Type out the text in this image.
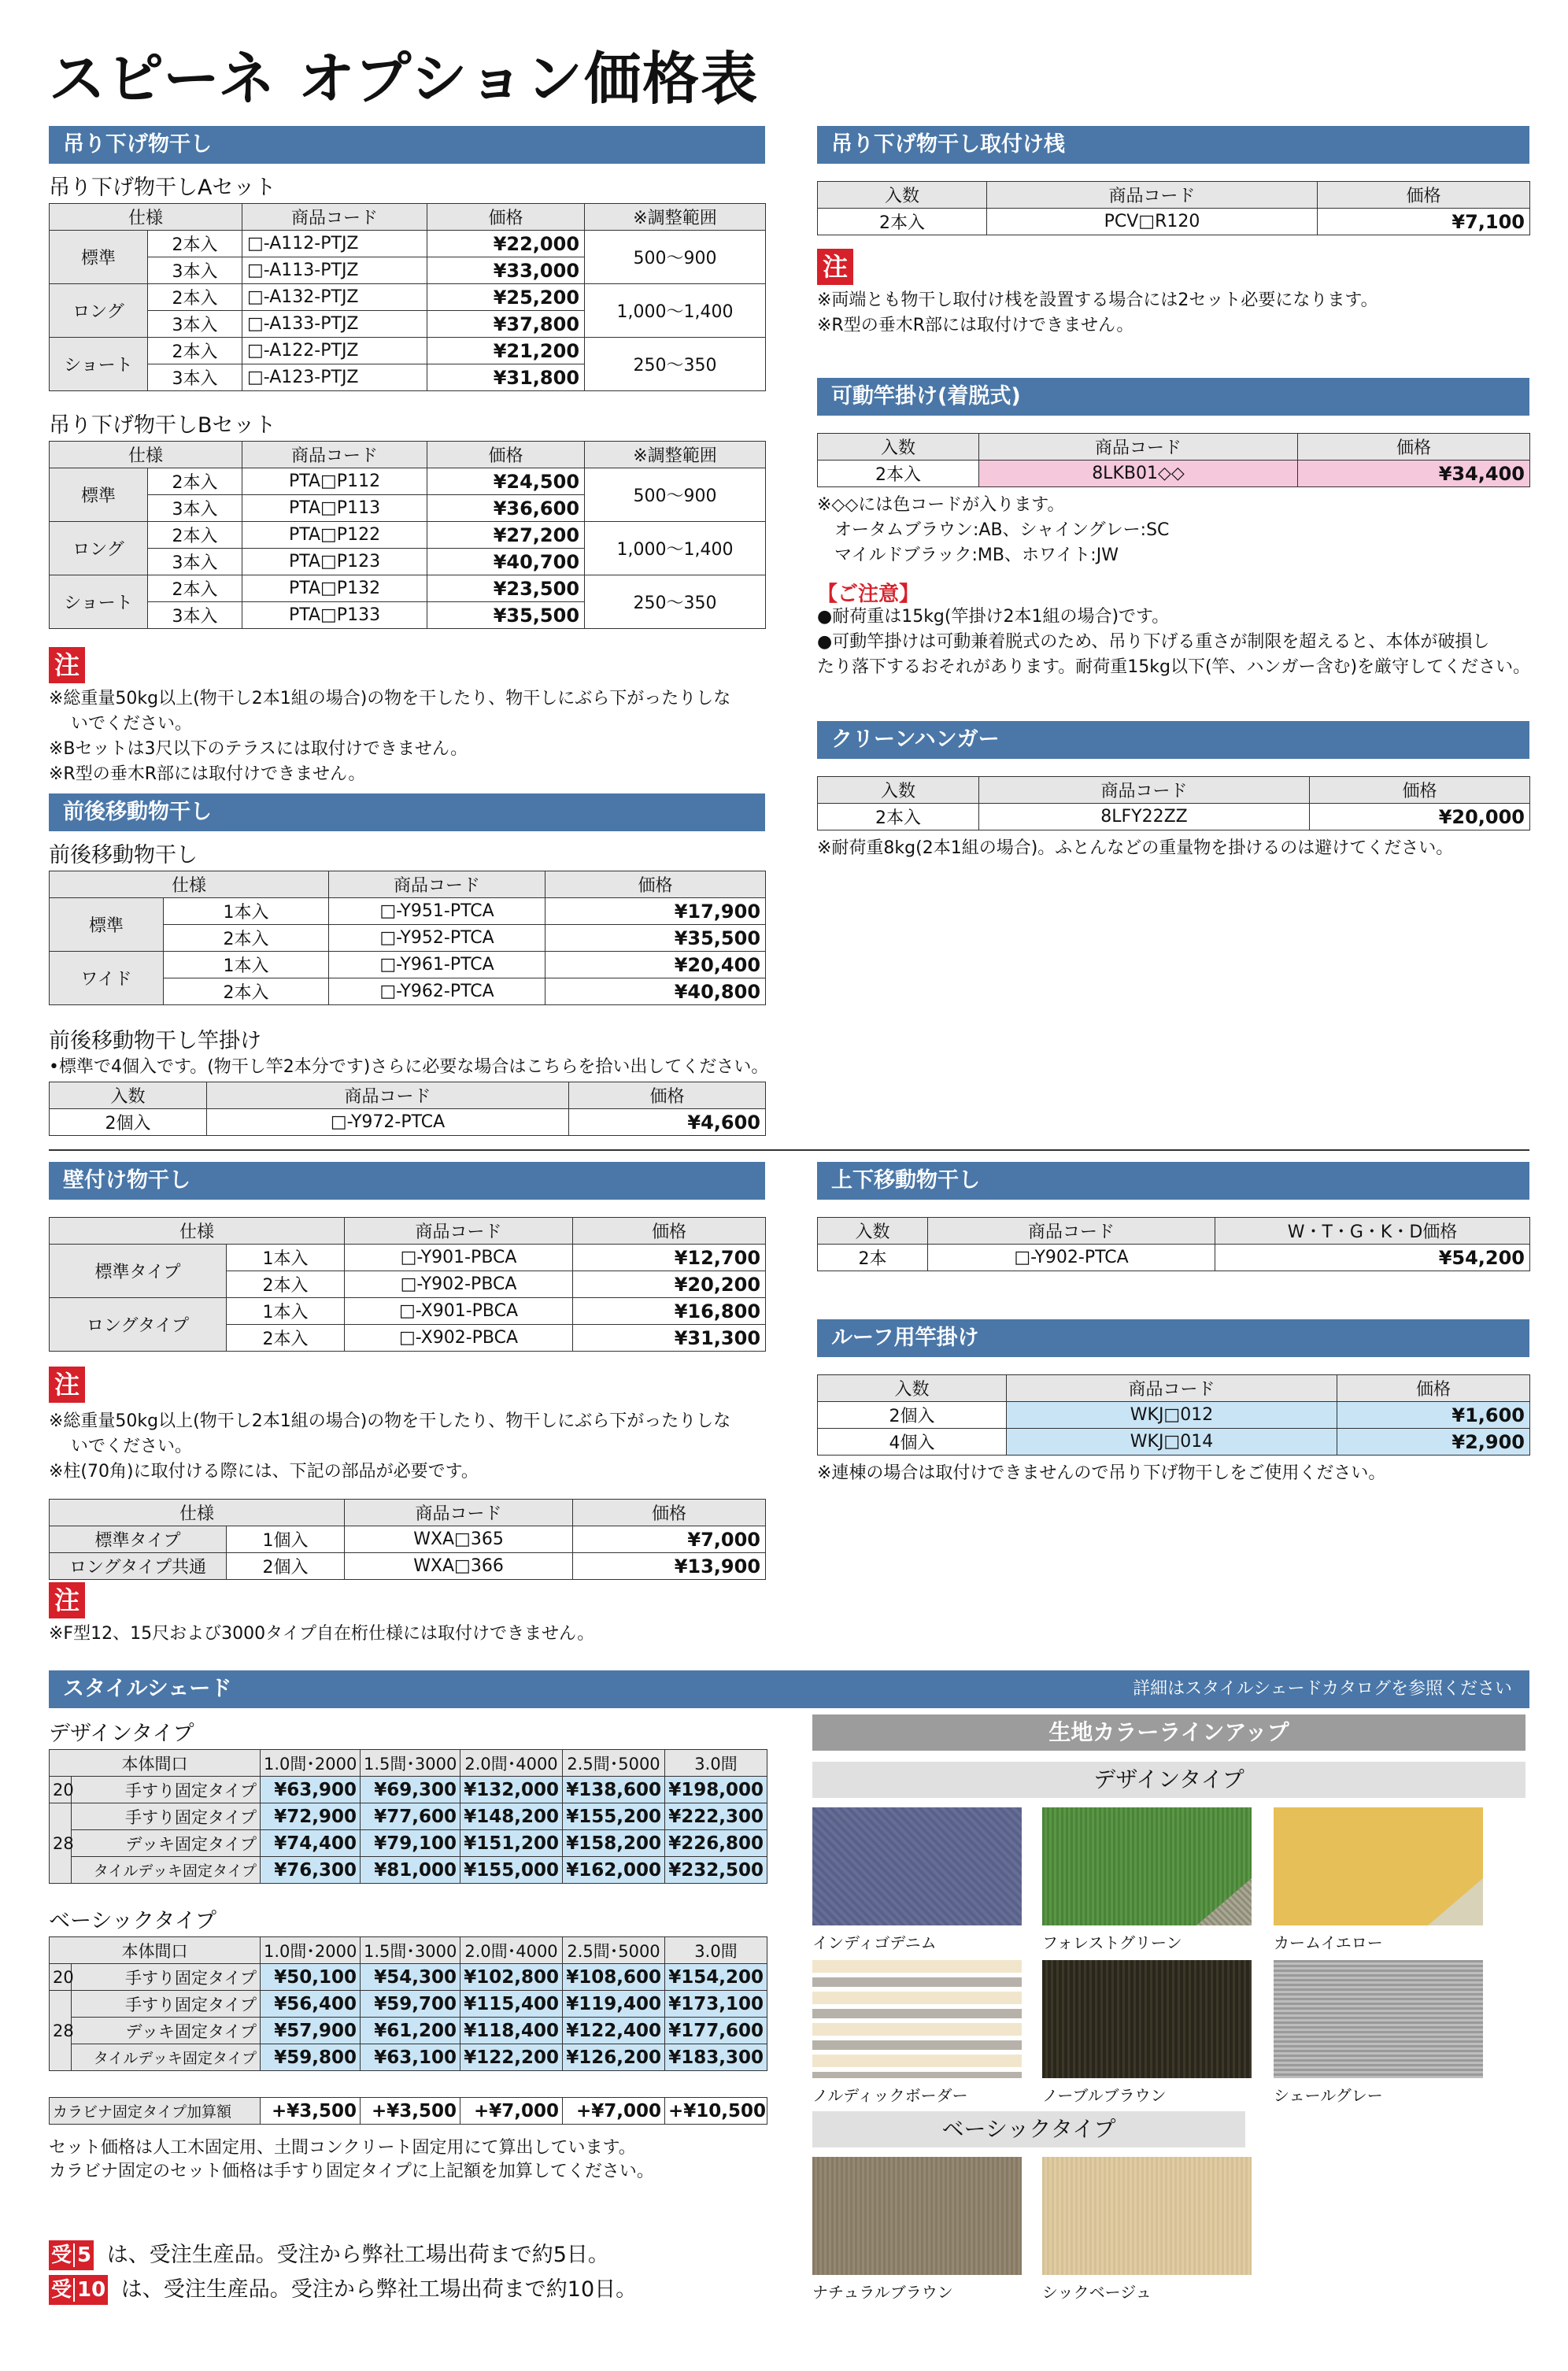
スピーネ オプション価格表
吊り下げ物干し
吊り下げ物干しAセット
仕様		商品コード	価格	※調整範囲
標準	2本入	□-A112-PTJZ	¥22,000	500〜900
	3本入	□-A113-PTJZ	¥33,000	
ロング	2本入	□-A132-PTJZ	¥25,200	1,000〜1,400
	3本入	□-A133-PTJZ	¥37,800	
ショート	2本入	□-A122-PTJZ	¥21,200	250〜350
	3本入	□-A123-PTJZ	¥31,800	
吊り下げ物干しBセット
仕様		商品コード	価格	※調整範囲
標準	2本入	PTA□P112	¥24,500	500〜900
	3本入	PTA□P113	¥36,600	
ロング	2本入	PTA□P122	¥27,200	1,000〜1,400
	3本入	PTA□P123	¥40,700	
ショート	2本入	PTA□P132	¥23,500	250〜350
	3本入	PTA□P133	¥35,500	
注
※総重量50kg以上(物干し2本1組の場合)の物を干したり、物干しにぶら下がったりしな
いでください。
※Bセットは3尺以下のテラスには取付けできません。
※R型の垂木R部には取付けできません。
前後移動物干し
前後移動物干し
仕様		商品コード	価格
標準	1本入	□-Y951-PTCA	¥17,900
	2本入	□-Y952-PTCA	¥35,500
ワイド	1本入	□-Y961-PTCA	¥20,400
	2本入	□-Y962-PTCA	¥40,800
前後移動物干し竿掛け
•標準で4個入です。(物干し竿2本分です)さらに必要な場合はこちらを拾い出してください。
入数	商品コード	価格
2個入	□-Y972-PTCA	¥4,600
吊り下げ物干し取付け桟
入数	商品コード	価格
2本入	PCV□R120	¥7,100
注
※両端とも物干し取付け桟を設置する場合には2セット必要になります。
※R型の垂木R部には取付けできません。
可動竿掛け(着脱式)
入数	商品コード	価格
2本入	8LKB01◇◇	¥34,400
※◇◇には色コードが入ります。
オータムブラウン:AB、シャイングレー:SC
マイルドブラック:MB、ホワイト:JW
【ご注意】
●耐荷重は15kg(竿掛け2本1組の場合)です。
●可動竿掛けは可動兼着脱式のため、吊り下げる重さが制限を超えると、本体が破損し
たり落下するおそれがあります。耐荷重15kg以下(竿、ハンガー含む)を厳守してください。
クリーンハンガー
入数	商品コード	価格
2本入	8LFY22ZZ	¥20,000
※耐荷重8kg(2本1組の場合)。ふとんなどの重量物を掛けるのは避けてください。
壁付け物干し
仕様		商品コード	価格
標準タイプ	1本入	□-Y901-PBCA	¥12,700
	2本入	□-Y902-PBCA	¥20,200
ロングタイプ	1本入	□-X901-PBCA	¥16,800
	2本入	□-X902-PBCA	¥31,300
注
※総重量50kg以上(物干し2本1組の場合)の物を干したり、物干しにぶら下がったりしな
いでください。
※柱(70角)に取付ける際には、下記の部品が必要です。
仕様		商品コード	価格
標準タイプ	1個入	WXA□365	¥7,000
ロングタイプ共通	2個入	WXA□366	¥13,900
注
※F型12、15尺および3000タイプ自在桁仕様には取付けできません。
上下移動物干し
入数	商品コード	W・T・G・K・D価格
2本	□-Y902-PTCA	¥54,200
ルーフ用竿掛け
入数	商品コード	価格
2個入	WKJ□012	¥1,600
4個入	WKJ□014	¥2,900
※連棟の場合は取付けできませんので吊り下げ物干しをご使用ください。
スタイルシェード	詳細はスタイルシェードカタログを参照ください
デザインタイプ
本体間口		1.0間･2000	1.5間･3000	2.0間･4000	2.5間･5000	3.0間
20	手すり固定タイプ	¥63,900	¥69,300	¥132,000	¥138,600	¥198,000
28	手すり固定タイプ	¥72,900	¥77,600	¥148,200	¥155,200	¥222,300
	デッキ固定タイプ	¥74,400	¥79,100	¥151,200	¥158,200	¥226,800
	タイルデッキ固定タイプ	¥76,300	¥81,000	¥155,000	¥162,000	¥232,500
ベーシックタイプ
本体間口		1.0間･2000	1.5間･3000	2.0間･4000	2.5間･5000	3.0間
20	手すり固定タイプ	¥50,100	¥54,300	¥102,800	¥108,600	¥154,200
28	手すり固定タイプ	¥56,400	¥59,700	¥115,400	¥119,400	¥173,100
	デッキ固定タイプ	¥57,900	¥61,200	¥118,400	¥122,400	¥177,600
	タイルデッキ固定タイプ	¥59,800	¥63,100	¥122,200	¥126,200	¥183,300
カラビナ固定タイプ加算額	+¥3,500	+¥3,500	+¥7,000	+¥7,000	+¥10,500
セット価格は人工木固定用、土間コンクリート固定用にて算出しています。
カラビナ固定のセット価格は手すり固定タイプに上記額を加算してください。
受 5 は、受注生産品。受注から弊社工場出荷まで約5日。
受 10 は、受注生産品。受注から弊社工場出荷まで約10日。
生地カラーラインアップ
デザインタイプ
インディゴデニム	フォレストグリーン	カームイエロー
ノルディックボーダー	ノーブルブラウン	シェールグレー
ベーシックタイプ
ナチュラルブラウン	シックベージュ
